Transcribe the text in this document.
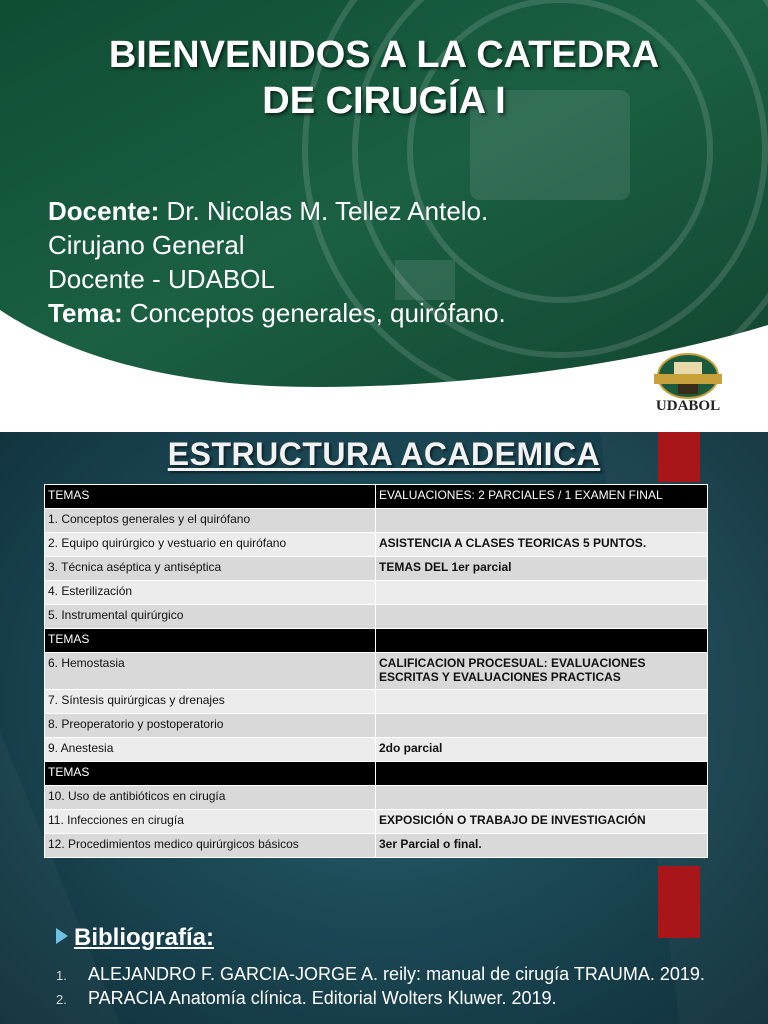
BIENVENIDOS A LA CATEDRA
DE CIRUGÍA I
Docente: Dr. Nicolas M. Tellez Antelo.
Cirujano General
Docente - UDABOL
Tema: Conceptos generales, quirófano.
UDABOL
ESTRUCTURA ACADEMICA
TEMAS	EVALUACIONES: 2 PARCIALES / 1 EXAMEN FINAL
1. Conceptos generales y el quirófano	
2. Equipo quirúrgico y vestuario en quirófano	ASISTENCIA A CLASES TEORICAS 5 PUNTOS.
3. Técnica aséptica y antiséptica	TEMAS DEL 1er parcial
4. Esterilización	
5. Instrumental quirúrgico	
TEMAS	
6. Hemostasia	CALIFICACION PROCESUAL: EVALUACIONES ESCRITAS Y EVALUACIONES PRACTICAS
7. Síntesis quirúrgicas y drenajes	
8. Preoperatorio y postoperatorio	
9. Anestesia	2do parcial
TEMAS	
10. Uso de antibióticos en cirugía	
11. Infecciones en cirugía	EXPOSICIÓN O TRABAJO DE INVESTIGACIÓN
12. Procedimientos medico quirúrgicos básicos	3er Parcial o final.
Bibliografía:
1. ALEJANDRO F. GARCIA-JORGE A. reily: manual de cirugía TRAUMA. 2019.
2. PARACIA Anatomía clínica. Editorial Wolters Kluwer. 2019.
